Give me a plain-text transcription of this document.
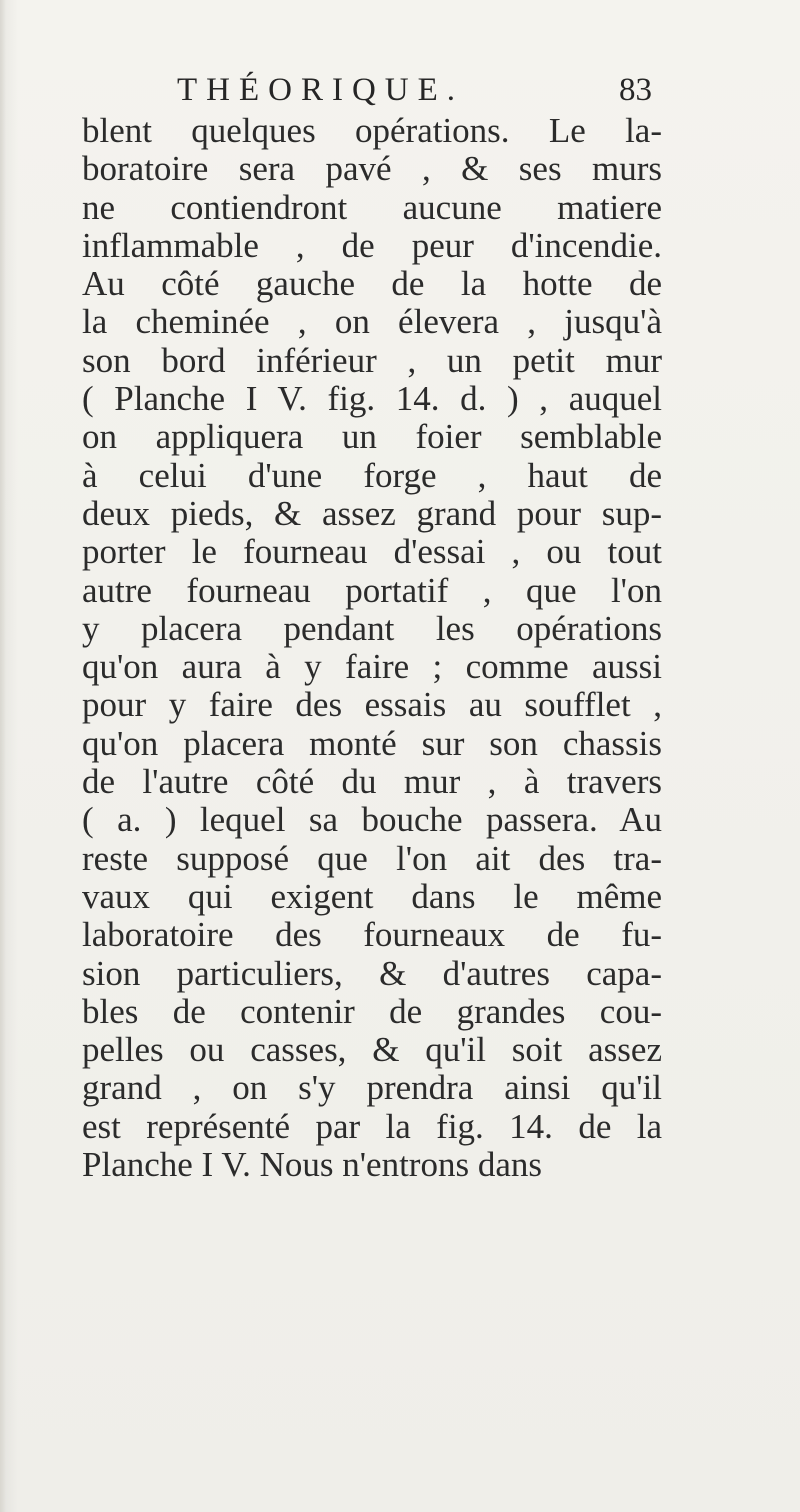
THÉORIQUE.	83
blent quelques opérations. Le la-
boratoire sera pavé , & ses murs
ne contiendront aucune matiere
inflammable , de peur d'incendie.
Au côté gauche de la hotte de
la cheminée , on élevera , jusqu'à
son bord inférieur , un petit mur
( Planche I V. fig. 14. d. ) , auquel
on appliquera un foier semblable
à celui d'une forge , haut de
deux pieds, & assez grand pour sup-
porter le fourneau d'essai , ou tout
autre fourneau portatif , que l'on
y placera pendant les opérations
qu'on aura à y faire ; comme aussi
pour y faire des essais au soufflet ,
qu'on placera monté sur son chassis
de l'autre côté du mur , à travers
( a. ) lequel sa bouche passera. Au
reste supposé que l'on ait des tra-
vaux qui exigent dans le même
laboratoire des fourneaux de fu-
sion particuliers, & d'autres capa-
bles de contenir de grandes cou-
pelles ou casses, & qu'il soit assez
grand , on s'y prendra ainsi qu'il
est représenté par la fig. 14. de la
Planche I V. Nous n'entrons dans
